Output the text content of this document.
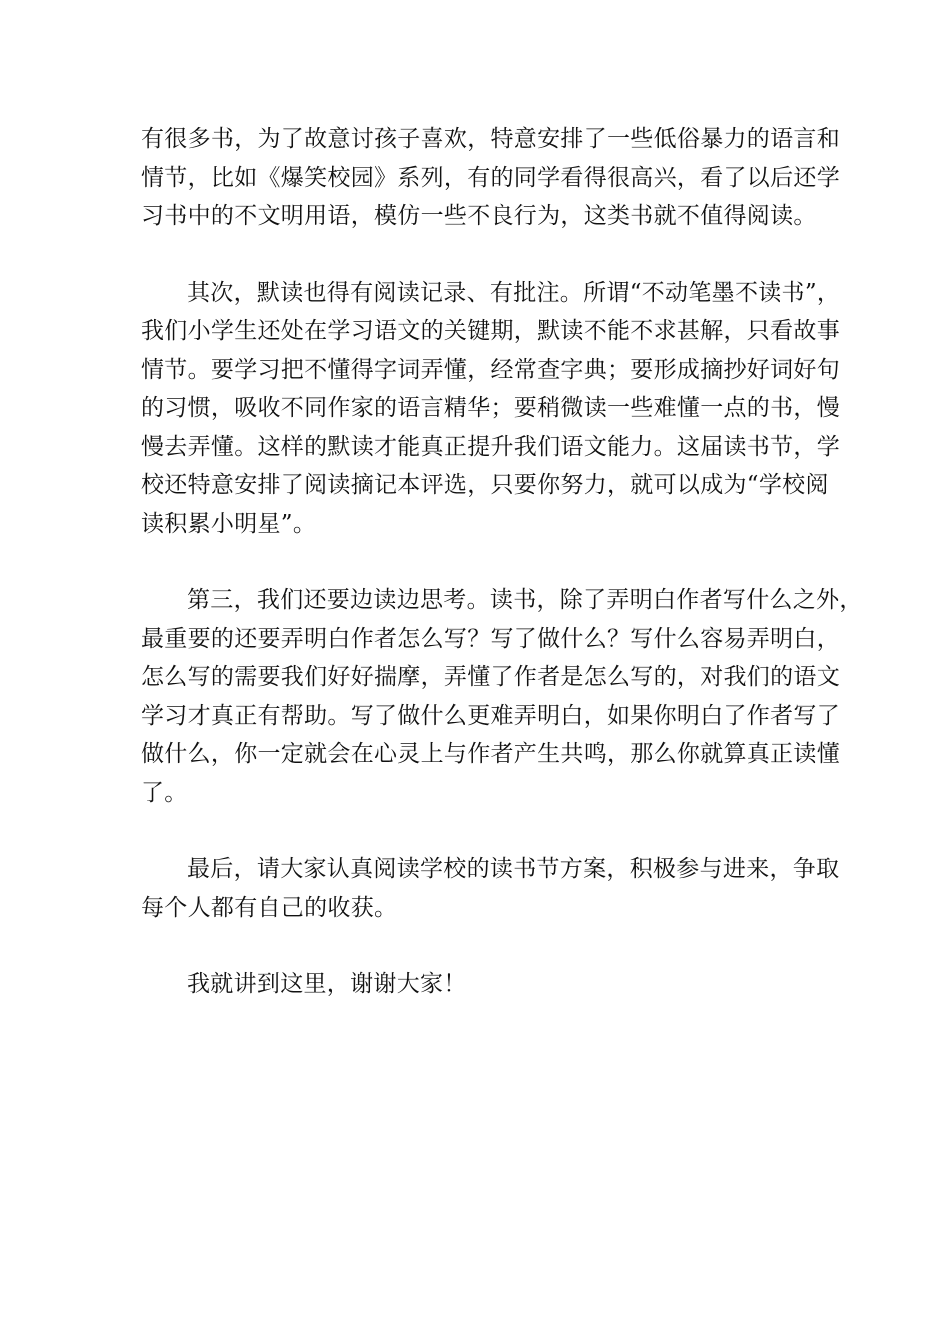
有很多书，为了故意讨孩子喜欢，特意安排了一些低俗暴力的语言和
情节，比如《爆笑校园》系列，有的同学看得很高兴，看了以后还学
习书中的不文明用语，模仿一些不良行为，这类书就不值得阅读。
其次，默读也得有阅读记录、有批注。所谓“不动笔墨不读书”，
我们小学生还处在学习语文的关键期，默读不能不求甚解，只看故事
情节。要学习把不懂得字词弄懂，经常查字典；要形成摘抄好词好句
的习惯，吸收不同作家的语言精华；要稍微读一些难懂一点的书，慢
慢去弄懂。这样的默读才能真正提升我们语文能力。这届读书节，学
校还特意安排了阅读摘记本评选，只要你努力，就可以成为“学校阅
读积累小明星”。
第三，我们还要边读边思考。读书，除了弄明白作者写什么之外，
最重要的还要弄明白作者怎么写？写了做什么？写什么容易弄明白，
怎么写的需要我们好好揣摩，弄懂了作者是怎么写的，对我们的语文
学习才真正有帮助。写了做什么更难弄明白，如果你明白了作者写了
做什么，你一定就会在心灵上与作者产生共鸣，那么你就算真正读懂
了。
最后，请大家认真阅读学校的读书节方案，积极参与进来，争取
每个人都有自己的收获。
我就讲到这里，谢谢大家！
